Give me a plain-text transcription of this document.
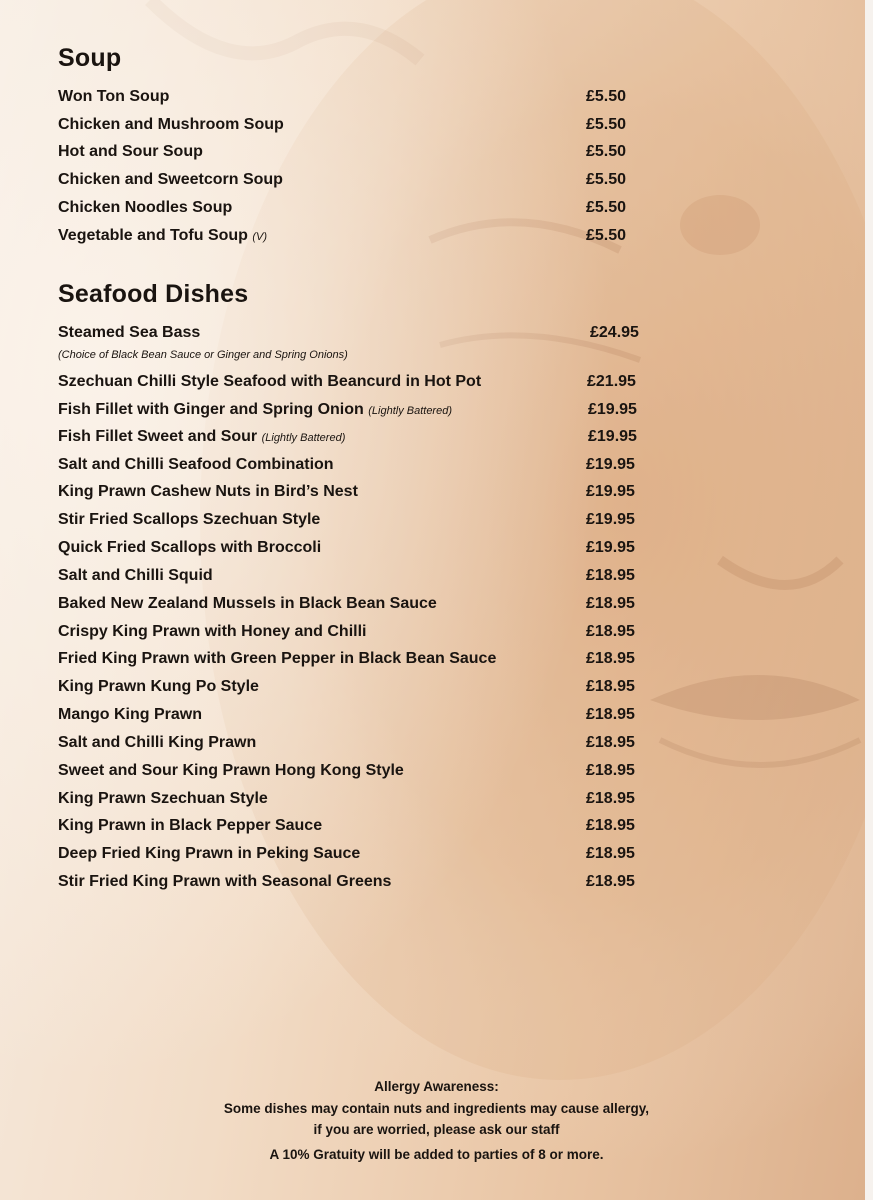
Soup
Won Ton Soup	£5.50
Chicken and Mushroom Soup	£5.50
Hot and Sour Soup	£5.50
Chicken and Sweetcorn Soup	£5.50
Chicken Noodles Soup	£5.50
Vegetable and Tofu Soup (V)	£5.50
Seafood Dishes
Steamed Sea Bass	£24.95
(Choice of Black Bean Sauce or Ginger and Spring Onions)
Szechuan Chilli Style Seafood with Beancurd in Hot Pot	£21.95
Fish Fillet with Ginger and Spring Onion (Lightly Battered)	£19.95
Fish Fillet Sweet and Sour (Lightly Battered)	£19.95
Salt and Chilli Seafood Combination	£19.95
King Prawn Cashew Nuts in Bird’s Nest	£19.95
Stir Fried Scallops Szechuan Style	£19.95
Quick Fried Scallops with Broccoli	£19.95
Salt and Chilli Squid	£18.95
Baked New Zealand Mussels in Black Bean Sauce	£18.95
Crispy King Prawn with Honey and Chilli	£18.95
Fried King Prawn with Green Pepper in Black Bean Sauce	£18.95
King Prawn Kung Po Style	£18.95
Mango King Prawn	£18.95
Salt and Chilli King Prawn	£18.95
Sweet and Sour King Prawn Hong Kong Style	£18.95
King Prawn Szechuan Style	£18.95
King Prawn in Black Pepper Sauce	£18.95
Deep Fried King Prawn in Peking Sauce	£18.95
Stir Fried King Prawn with Seasonal Greens	£18.95
Allergy Awareness:
Some dishes may contain nuts and ingredients may cause allergy,
if you are worried, please ask our staff
A 10% Gratuity will be added to parties of 8 or more.
